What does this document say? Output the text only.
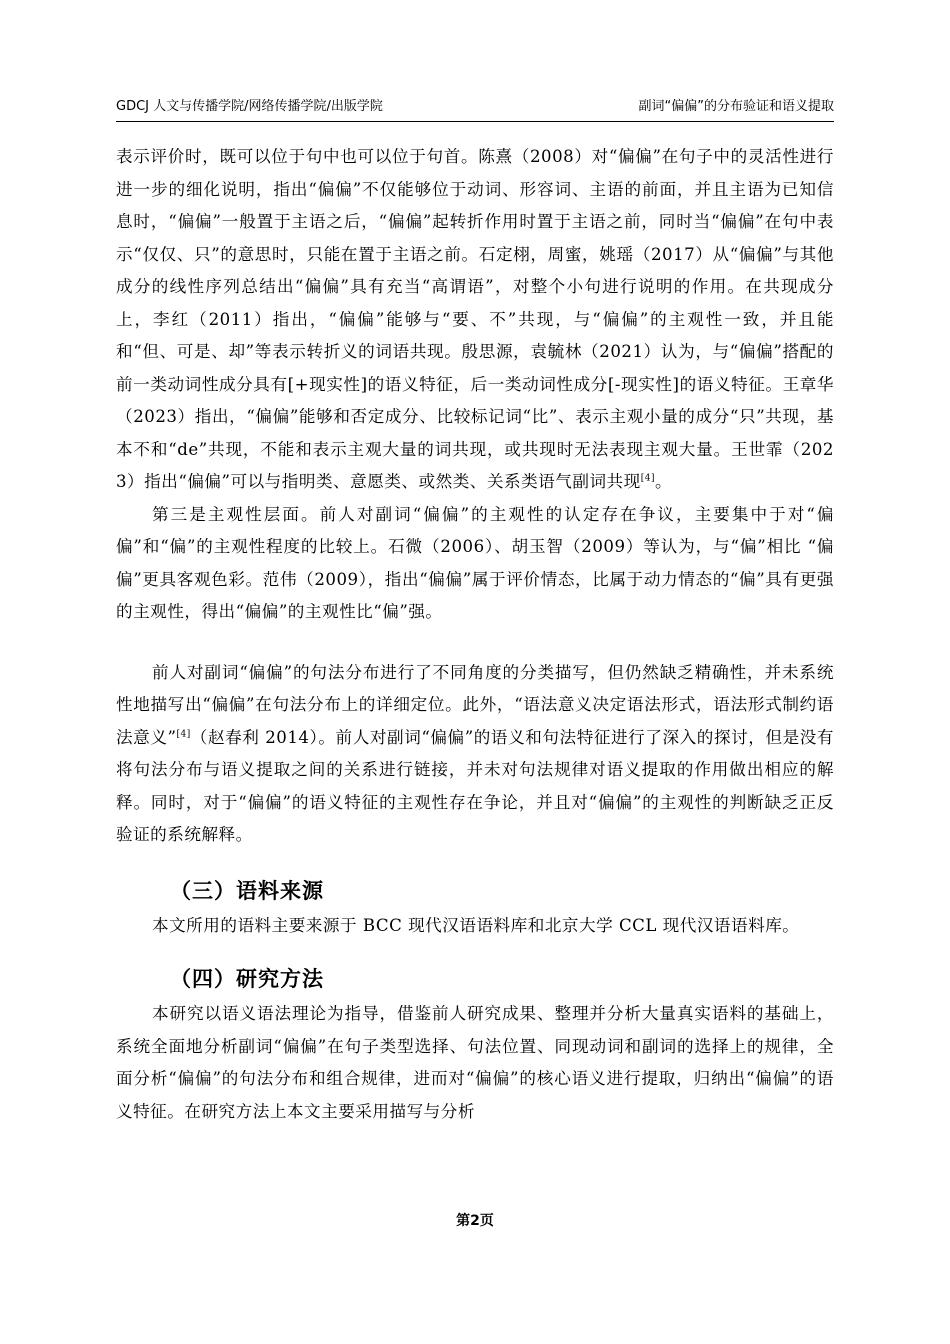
GDCJ 人文与传播学院/网络传播学院/出版学院	副词“偏偏”的分布验证和语义提取

表示评价时，既可以位于句中也可以位于句首。陈熹（2008）对“偏偏”在句子中的灵活性进行进一步的细化说明，指出“偏偏”不仅能够位于动词、形容词、主语的前面，并且主语为已知信息时，“偏偏”一般置于主语之后，“偏偏”起转折作用时置于主语之前，同时当“偏偏”在句中表示“仅仅、只”的意思时，只能在置于主语之前。石定栩，周蜜，姚瑶（2017）从“偏偏”与其他成分的线性序列总结出“偏偏”具有充当“高谓语”，对整个小句进行说明的作用。在共现成分上，李红（2011）指出，“偏偏”能够与“要、不”共现，与“偏偏”的主观性一致，并且能和“但、可是、却”等表示转折义的词语共现。殷思源，袁毓林（2021）认为，与“偏偏”搭配的前一类动词性成分具有[+现实性]的语义特征，后一类动词性成分[-现实性]的语义特征。王章华（2023）指出，“偏偏”能够和否定成分、比较标记词“比”、表示主观小量的成分“只”共现，基本不和“de”共现，不能和表示主观大量的词共现，或共现时无法表现主观大量。王世霏（2023）指出“偏偏”可以与指明类、意愿类、或然类、关系类语气副词共现[4]。

第三是主观性层面。前人对副词“偏偏”的主观性的认定存在争议，主要集中于对“偏偏”和“偏”的主观性程度的比较上。石微（2006）、胡玉智（2009）等认为，与“偏”相比 “偏偏”更具客观色彩。范伟（2009），指出“偏偏”属于评价情态，比属于动力情态的“偏”具有更强的主观性，得出“偏偏”的主观性比“偏”强。

前人对副词“偏偏”的句法分布进行了不同角度的分类描写，但仍然缺乏精确性，并未系统性地描写出“偏偏”在句法分布上的详细定位。此外，“语法意义决定语法形式，语法形式制约语法意义”[4]（赵春利 2014）。前人对副词“偏偏”的语义和句法特征进行了深入的探讨，但是没有将句法分布与语义提取之间的关系进行链接，并未对句法规律对语义提取的作用做出相应的解释。同时，对于“偏偏”的语义特征的主观性存在争论，并且对“偏偏”的主观性的判断缺乏正反验证的系统解释。

（三）语料来源

本文所用的语料主要来源于 BCC 现代汉语语料库和北京大学 CCL 现代汉语语料库。

（四）研究方法

本研究以语义语法理论为指导，借鉴前人研究成果、整理并分析大量真实语料的基础上，系统全面地分析副词“偏偏”在句子类型选择、句法位置、同现动词和副词的选择上的规律，全面分析“偏偏”的句法分布和组合规律，进而对“偏偏”的核心语义进行提取，归纳出“偏偏”的语义特征。在研究方法上本文主要采用描写与分析

第2页
